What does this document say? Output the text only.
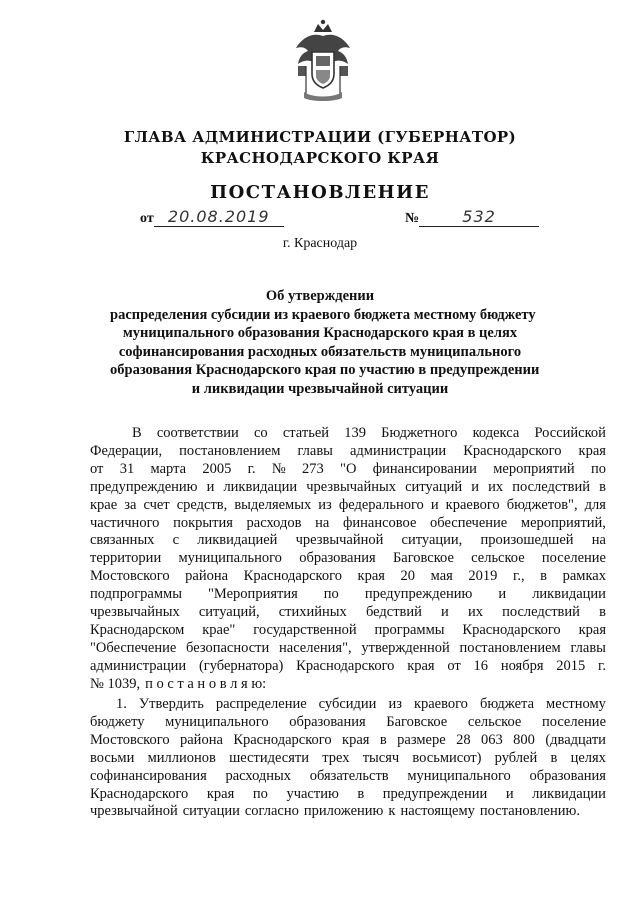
ГЛАВА АДМИНИСТРАЦИИ (ГУБЕРНАТОР)
КРАСНОДАРСКОГО КРАЯ
ПОСТАНОВЛЕНИЕ
от 20.08.2019	№	532
г. Краснодар
Об утверждении
распределения субсидии из краевого бюджета местному бюджету
муниципального образования Краснодарского края в целях
софинансирования расходных обязательств муниципального
образования Краснодарского края по участию в предупреждении
и ликвидации чрезвычайной ситуации
В соответствии со статьей 139 Бюджетного кодекса Российской
Федерации, постановлением главы администрации Краснодарского края
от 31 марта 2005 г. № 273 "О финансировании мероприятий по
предупреждению и ликвидации чрезвычайных ситуаций и их последствий в
крае за счет средств, выделяемых из федерального и краевого бюджетов", для
частичного покрытия расходов на финансовое обеспечение мероприятий,
связанных с ликвидацией чрезвычайной ситуации, произошедшей на
территории муниципального образования Баговское сельское поселение
Мостовского района Краснодарского края 20 мая 2019 г., в рамках
подпрограммы "Мероприятия по предупреждению и ликвидации
чрезвычайных ситуаций, стихийных бедствий и их последствий в
Краснодарском крае" государственной программы Краснодарского края
"Обеспечение безопасности населения", утвержденной постановлением главы
администрации (губернатора) Краснодарского края от 16 ноября 2015 г.
№ 1039, п о с т а н о в л я ю:
1. Утвердить распределение субсидии из краевого бюджета местному
бюджету муниципального образования Баговское сельское поселение
Мостовского района Краснодарского края в размере 28 063 800 (двадцати
восьми миллионов шестидесяти трех тысяч восьмисот) рублей в целях
софинансирования расходных обязательств муниципального образования
Краснодарского края по участию в предупреждении и ликвидации
чрезвычайной ситуации согласно приложению к настоящему постановлению.
